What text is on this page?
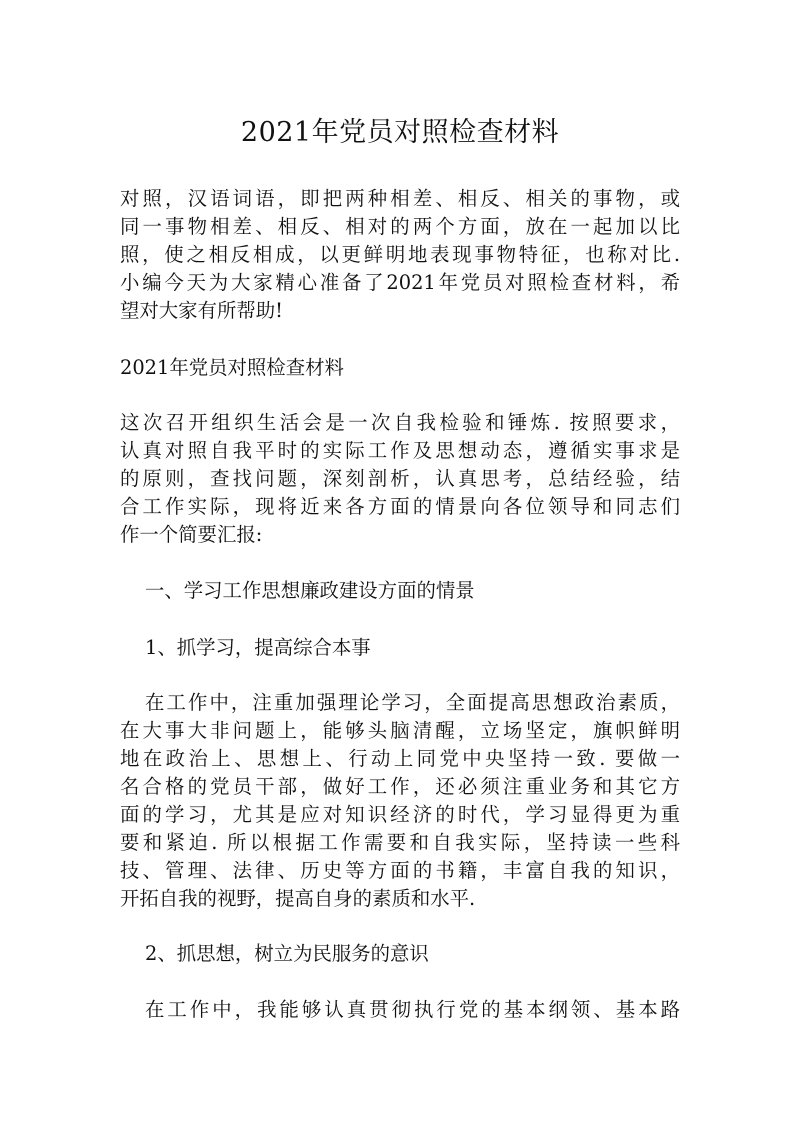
2021年党员对照检查材料

对照，汉语词语，即把两种相差、相反、相关的事物，或

同一事物相差、相反、相对的两个方面，放在一起加以比

照，使之相反相成，以更鲜明地表现事物特征，也称对比.

小编今天为大家精心准备了2021年党员对照检查材料，希

望对大家有所帮助!

2021年党员对照检查材料

这次召开组织生活会是一次自我检验和锤炼. 按照要求，

认真对照自我平时的实际工作及思想动态，遵循实事求是

的原则，查找问题，深刻剖析，认真思考，总结经验，结

合工作实际，现将近来各方面的情景向各位领导和同志们

作一个简要汇报:

一、学习工作思想廉政建设方面的情景

1、抓学习，提高综合本事

在工作中，注重加强理论学习，全面提高思想政治素质，

在大事大非问题上，能够头脑清醒，立场坚定，旗帜鲜明

地在政治上、思想上、行动上同党中央坚持一致. 要做一

名合格的党员干部，做好工作，还必须注重业务和其它方

面的学习，尤其是应对知识经济的时代，学习显得更为重

要和紧迫. 所以根据工作需要和自我实际，坚持读一些科

技、管理、法律、历史等方面的书籍，丰富自我的知识，

开拓自我的视野，提高自身的素质和水平.

2、抓思想，树立为民服务的意识

在工作中，我能够认真贯彻执行党的基本纲领、基本路
